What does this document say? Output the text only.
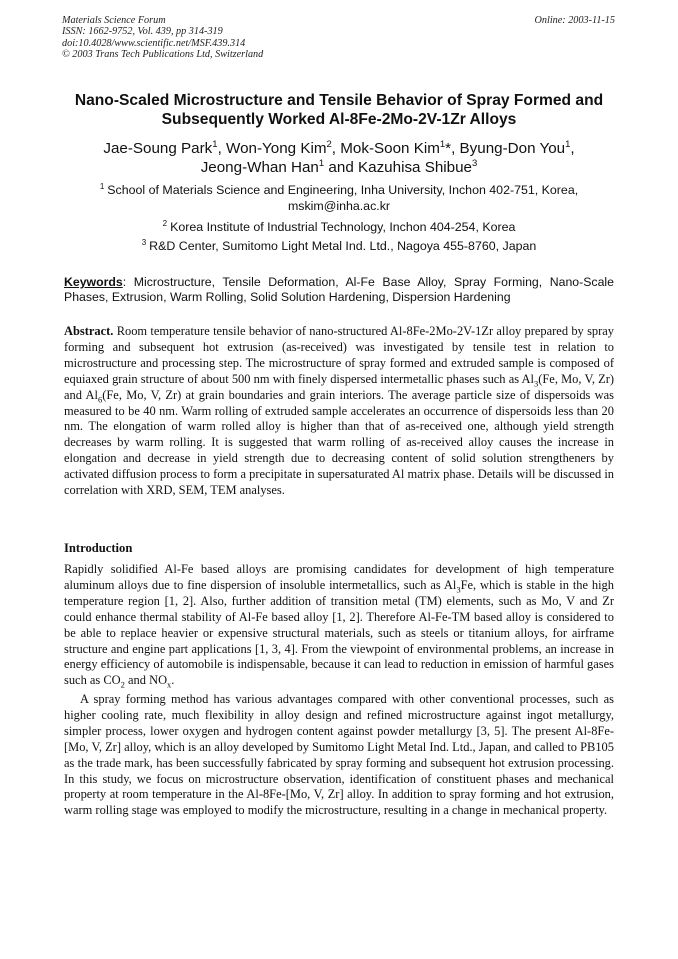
Materials Science Forum
ISSN: 1662-9752, Vol. 439, pp 314-319
doi:10.4028/www.scientific.net/MSF.439.314
© 2003 Trans Tech Publications Ltd, Switzerland
Online: 2003-11-15
Nano-Scaled Microstructure and Tensile Behavior of Spray Formed and
Subsequently Worked Al-8Fe-2Mo-2V-1Zr Alloys
Jae-Soung Park$^1$, Won-Yong Kim$^2$, Mok-Soon Kim$^1$*, Byung-Don You$^1$,
Jeong-Whan Han$^1$ and Kazuhisa Shibue$^3$
$^1$ School of Materials Science and Engineering, Inha University, Inchon 402-751, Korea,
mskim@inha.ac.kr
$^2$ Korea Institute of Industrial Technology, Inchon 404-254, Korea
$^3$ R&D Center, Sumitomo Light Metal Ind. Ltd., Nagoya 455-8760, Japan
Keywords: Microstructure, Tensile Deformation, Al-Fe Base Alloy, Spray Forming, Nano-Scale Phases, Extrusion, Warm Rolling, Solid Solution Hardening, Dispersion Hardening
Abstract. Room temperature tensile behavior of nano-structured Al-8Fe-2Mo-2V-1Zr alloy prepared by spray forming and subsequent hot extrusion (as-received) was investigated by tensile test in relation to microstructure and processing step. The microstructure of spray formed and extruded sample is composed of equiaxed grain structure of about 500 nm with finely dispersed intermetallic phases such as $Al_3(Fe$, Mo, V, Zr) and $Al_6(Fe$, Mo, V, Zr) at grain boundaries and grain interiors. The average particle size of dispersoids was measured to be 40 nm. Warm rolling of extruded sample accelerates an occurrence of dispersoids less than 20 nm. The elongation of warm rolled alloy is higher than that of as-received one, although yield strength decreases by warm rolling. It is suggested that warm rolling of as-received alloy causes the increase in elongation and decrease in yield strength due to decreasing content of solid solution strengtheners by activated diffusion process to form a precipitate in supersaturated Al matrix phase. Details will be discussed in correlation with XRD, SEM, TEM analyses.
Introduction
Rapidly solidified Al-Fe based alloys are promising candidates for development of high temperature aluminum alloys due to fine dispersion of insoluble intermetallics, such as $Al_3Fe$, which is stable in the high temperature region [1, 2]. Also, further addition of transition metal (TM) elements, such as Mo, V and Zr could enhance thermal stability of Al-Fe based alloy [1, 2]. Therefore Al-Fe-TM based alloy is considered to be able to replace heavier or expensive structural materials, such as steels or titanium alloys, for airframe structure and engine part applications [1, 3, 4]. From the viewpoint of environmental problems, an increase in energy efficiency of automobile is indispensable, because it can lead to reduction in emission of harmful gases such as $CO_2$ and $NO_x$.
A spray forming method has various advantages compared with other conventional processes, such as higher cooling rate, much flexibility in alloy design and refined microstructure against ingot metallurgy, simpler process, lower oxygen and hydrogen content against powder metallurgy [3, 5]. The present Al-8Fe-[Mo, V, Zr] alloy, which is an alloy developed by Sumitomo Light Metal Ind. Ltd., Japan, and called to PB105 as the trade mark, has been successfully fabricated by spray forming and subsequent hot extrusion processing. In this study, we focus on microstructure observation, identification of constituent phases and mechanical property at room temperature in the Al-8Fe-[Mo, V, Zr] alloy. In addition to spray forming and hot extrusion, warm rolling stage was employed to modify the microstructure, resulting in a change in mechanical property.
